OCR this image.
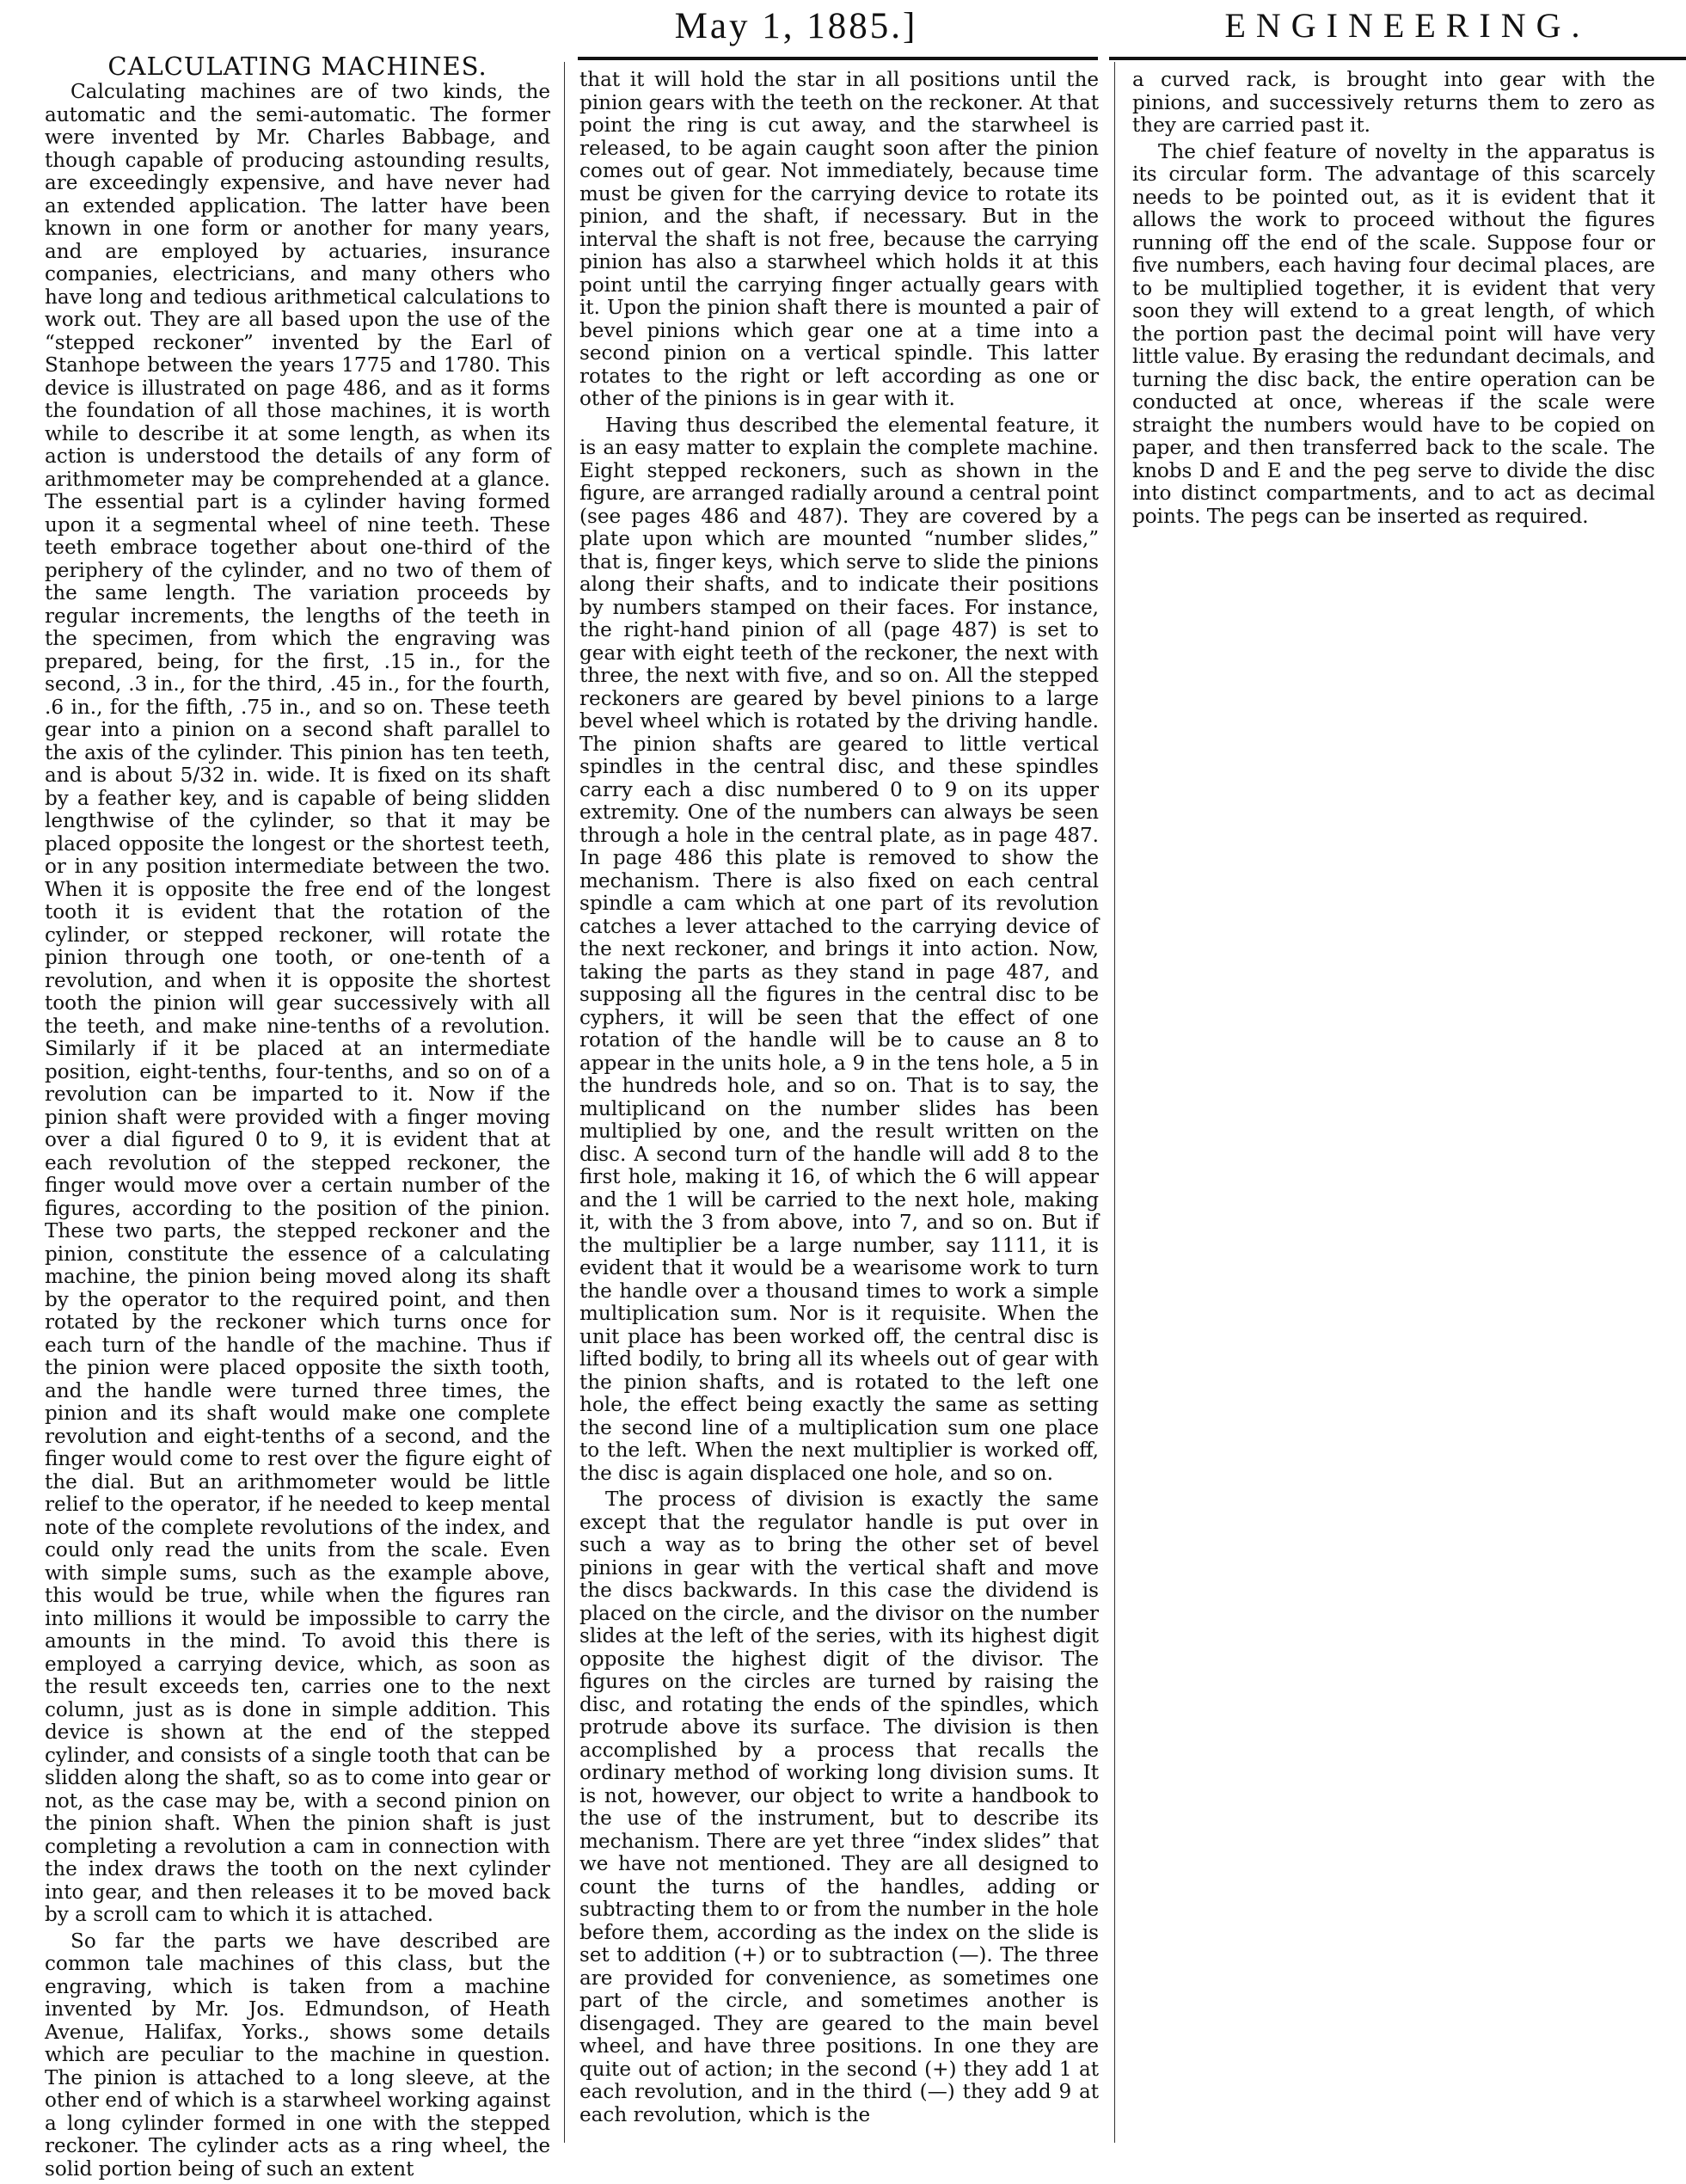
May 1, 1885.]	ENGINEERING.
CALCULATING MACHINES.

Calculating machines are of two kinds, the automatic and the semi-automatic. The former were invented by Mr. Charles Babbage, and though capable of producing astounding results, are exceedingly expensive, and have never had an extended application. The latter have been known in one form or another for many years, and are employed by actuaries, insurance companies, electricians, and many others who have long and tedious arithmetical calculations to work out. They are all based upon the use of the “stepped reckoner” invented by the Earl of Stanhope between the years 1775 and 1780. This device is illustrated on page 486, and as it forms the foundation of all those machines, it is worth while to describe it at some length, as when its action is understood the details of any form of arithmometer may be comprehended at a glance. The essential part is a cylinder having formed upon it a segmental wheel of nine teeth. These teeth embrace together about one-third of the periphery of the cylinder, and no two of them of the same length. The variation proceeds by regular increments, the lengths of the teeth in the specimen, from which the engraving was prepared, being, for the first, .15 in., for the second, .3 in., for the third, .45 in., for the fourth, .6 in., for the fifth, .75 in., and so on. These teeth gear into a pinion on a second shaft parallel to the axis of the cylinder. This pinion has ten teeth, and is about 5/32 in. wide. It is fixed on its shaft by a feather key, and is capable of being slidden lengthwise of the cylinder, so that it may be placed opposite the longest or the shortest teeth, or in any position intermediate between the two. When it is opposite the free end of the longest tooth it is evident that the rotation of the cylinder, or stepped reckoner, will rotate the pinion through one tooth, or one-tenth of a revolution, and when it is opposite the shortest tooth the pinion will gear successively with all the teeth, and make nine-tenths of a revolution. Similarly if it be placed at an intermediate position, eight-tenths, four-tenths, and so on of a revolution can be imparted to it. Now if the pinion shaft were provided with a finger moving over a dial figured 0 to 9, it is evident that at each revolution of the stepped reckoner, the finger would move over a certain number of the figures, according to the position of the pinion. These two parts, the stepped reckoner and the pinion, constitute the essence of a calculating machine, the pinion being moved along its shaft by the operator to the required point, and then rotated by the reckoner which turns once for each turn of the handle of the machine. Thus if the pinion were placed opposite the sixth tooth, and the handle were turned three times, the pinion and its shaft would make one complete revolution and eight-tenths of a second, and the finger would come to rest over the figure eight of the dial. But an arithmometer would be little relief to the operator, if he needed to keep mental note of the complete revolutions of the index, and could only read the units from the scale. Even with simple sums, such as the example above, this would be true, while when the figures ran into millions it would be impossible to carry the amounts in the mind. To avoid this there is employed a carrying device, which, as soon as the result exceeds ten, carries one to the next column, just as is done in simple addition. This device is shown at the end of the stepped cylinder, and consists of a single tooth that can be slidden along the shaft, so as to come into gear or not, as the case may be, with a second pinion on the pinion shaft. When the pinion shaft is just completing a revolution a cam in connection with the index draws the tooth on the next cylinder into gear, and then releases it to be moved back by a scroll cam to which it is attached.

So far the parts we have described are common tale machines of this class, but the engraving, which is taken from a machine invented by Mr. Jos. Edmundson, of Heath Avenue, Halifax, Yorks., shows some details which are peculiar to the machine in question. The pinion is attached to a long sleeve, at the other end of which is a starwheel working against a long cylinder formed in one with the stepped reckoner. The cylinder acts as a ring wheel, the solid portion being of such an extent

that it will hold the star in all positions until the pinion gears with the teeth on the reckoner. At that point the ring is cut away, and the starwheel is released, to be again caught soon after the pinion comes out of gear. Not immediately, because time must be given for the carrying device to rotate its pinion, and the shaft, if necessary. But in the interval the shaft is not free, because the carrying pinion has also a starwheel which holds it at this point until the carrying finger actually gears with it. Upon the pinion shaft there is mounted a pair of bevel pinions which gear one at a time into a second pinion on a vertical spindle. This latter rotates to the right or left according as one or other of the pinions is in gear with it.

Having thus described the elemental feature, it is an easy matter to explain the complete machine. Eight stepped reckoners, such as shown in the figure, are arranged radially around a central point (see pages 486 and 487). They are covered by a plate upon which are mounted “number slides,” that is, finger keys, which serve to slide the pinions along their shafts, and to indicate their positions by numbers stamped on their faces. For instance, the right-hand pinion of all (page 487) is set to gear with eight teeth of the reckoner, the next with three, the next with five, and so on. All the stepped reckoners are geared by bevel pinions to a large bevel wheel which is rotated by the driving handle. The pinion shafts are geared to little vertical spindles in the central disc, and these spindles carry each a disc numbered 0 to 9 on its upper extremity. One of the numbers can always be seen through a hole in the central plate, as in page 487. In page 486 this plate is removed to show the mechanism. There is also fixed on each central spindle a cam which at one part of its revolution catches a lever attached to the carrying device of the next reckoner, and brings it into action. Now, taking the parts as they stand in page 487, and supposing all the figures in the central disc to be cyphers, it will be seen that the effect of one rotation of the handle will be to cause an 8 to appear in the units hole, a 9 in the tens hole, a 5 in the hundreds hole, and so on. That is to say, the multiplicand on the number slides has been multiplied by one, and the result written on the disc. A second turn of the handle will add 8 to the first hole, making it 16, of which the 6 will appear and the 1 will be carried to the next hole, making it, with the 3 from above, into 7, and so on. But if the multiplier be a large number, say 1111, it is evident that it would be a wearisome work to turn the handle over a thousand times to work a simple multiplication sum. Nor is it requisite. When the unit place has been worked off, the central disc is lifted bodily, to bring all its wheels out of gear with the pinion shafts, and is rotated to the left one hole, the effect being exactly the same as setting the second line of a multiplication sum one place to the left. When the next multiplier is worked off, the disc is again displaced one hole, and so on.

The process of division is exactly the same except that the regulator handle is put over in such a way as to bring the other set of bevel pinions in gear with the vertical shaft and move the discs backwards. In this case the dividend is placed on the circle, and the divisor on the number slides at the left of the series, with its highest digit opposite the highest digit of the divisor. The figures on the circles are turned by raising the disc, and rotating the ends of the spindles, which protrude above its surface. The division is then accomplished by a process that recalls the ordinary method of working long division sums. It is not, however, our object to write a handbook to the use of the instrument, but to describe its mechanism. There are yet three “index slides” that we have not mentioned. They are all designed to count the turns of the handles, adding or subtracting them to or from the number in the hole before them, according as the index on the slide is set to addition (+) or to subtraction (—). The three are provided for convenience, as sometimes one part of the circle, and sometimes another is disengaged. They are geared to the main bevel wheel, and have three positions. In one they are quite out of action; in the second (+) they add 1 at each revolution, and in the third (—) they add 9 at each revolution, which is the

a curved rack, is brought into gear with the pinions, and successively returns them to zero as they are carried past it.

The chief feature of novelty in the apparatus is its circular form. The advantage of this scarcely needs to be pointed out, as it is evident that it allows the work to proceed without the figures running off the end of the scale. Suppose four or five numbers, each having four decimal places, are to be multiplied together, it is evident that very soon they will extend to a great length, of which the portion past the decimal point will have very little value. By erasing the redundant decimals, and turning the disc back, the entire operation can be conducted at once, whereas if the scale were straight the numbers would have to be copied on paper, and then transferred back to the scale. The knobs D and E and the peg serve to divide the disc into distinct compartments, and to act as decimal points. The pegs can be inserted as required.
